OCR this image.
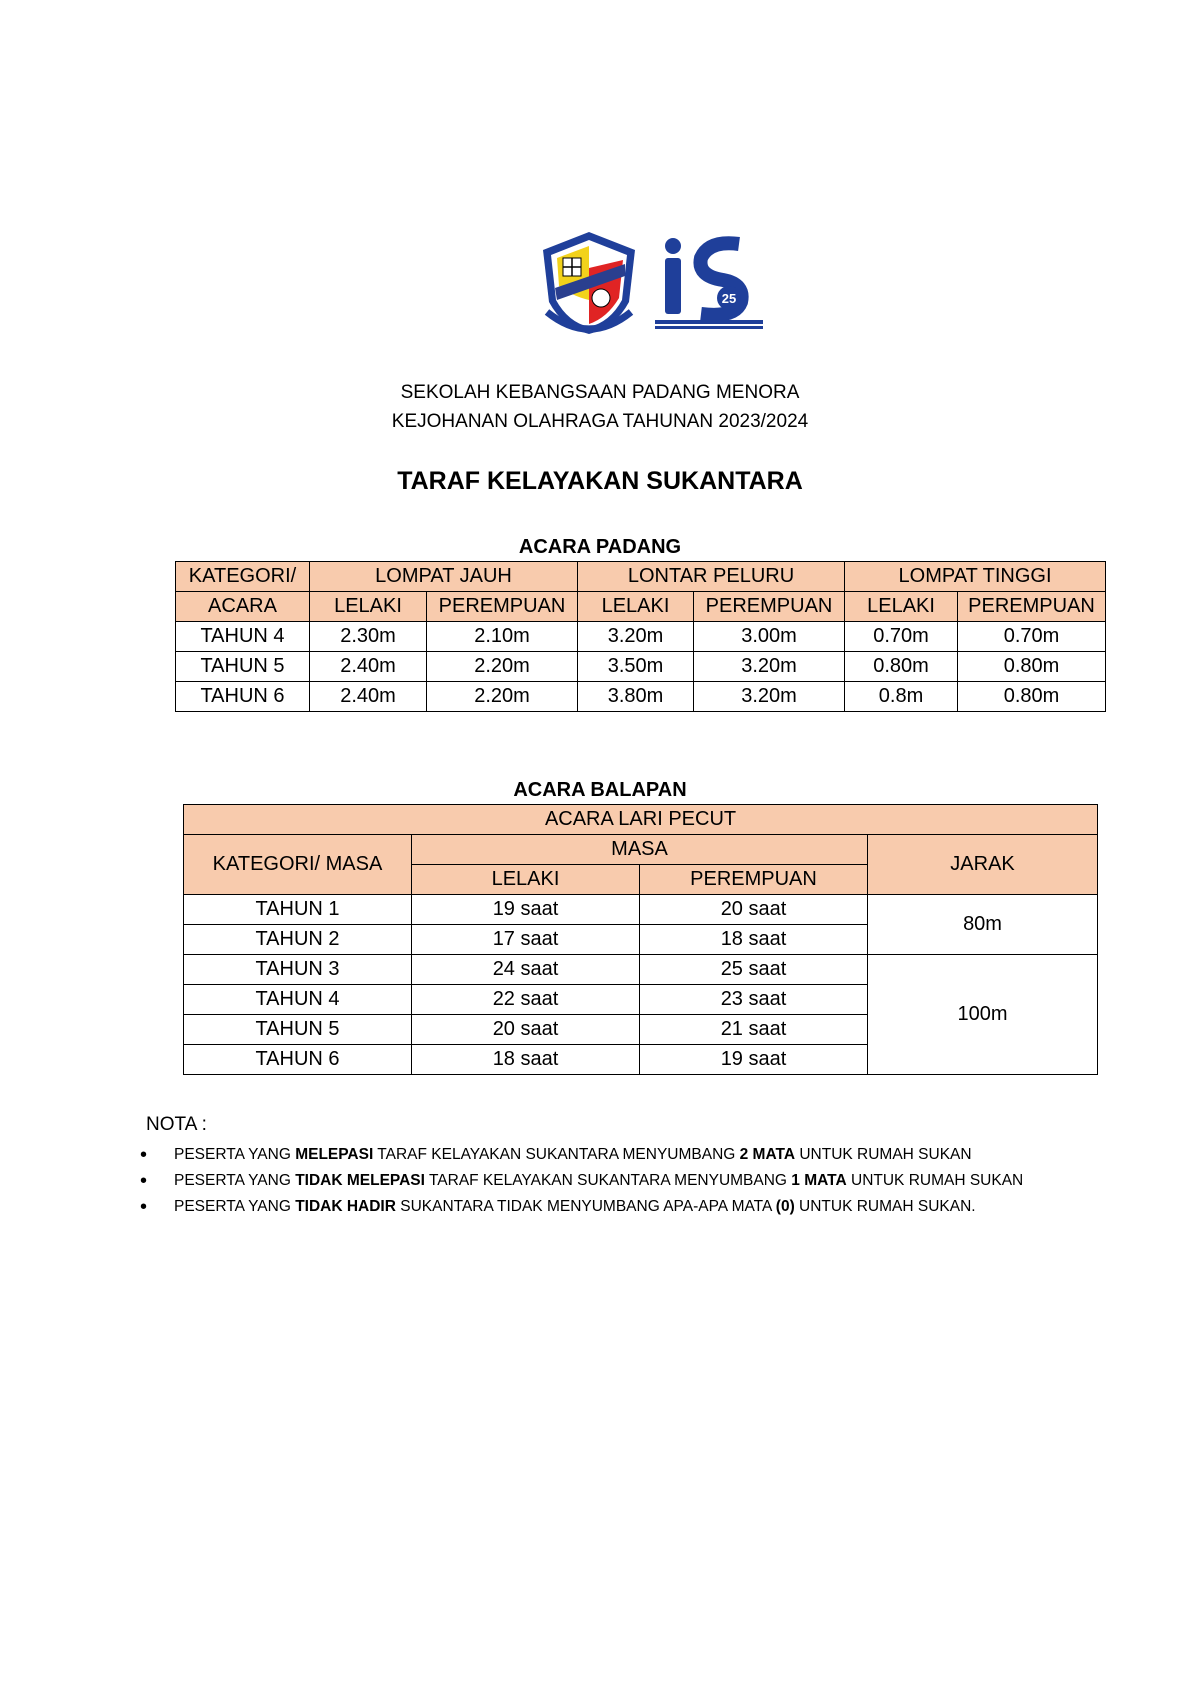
25
SEKOLAH KEBANGSAAN PADANG MENORA
KEJOHANAN OLAHRAGA TAHUNAN 2023/2024
TARAF KELAYAKAN SUKANTARA
ACARA PADANG
KATEGORI/	LOMPAT JAUH		LONTAR PELURU		LOMPAT TINGGI	
ACARA	LELAKI	PEREMPUAN	LELAKI	PEREMPUAN	LELAKI	PEREMPUAN
TAHUN 4	2.30m	2.10m	3.20m	3.00m	0.70m	0.70m
TAHUN 5	2.40m	2.20m	3.50m	3.20m	0.80m	0.80m
TAHUN 6	2.40m	2.20m	3.80m	3.20m	0.8m	0.80m
ACARA BALAPAN
ACARA LARI PECUT			
KATEGORI/ MASA	MASA		JARAK
	LELAKI	PEREMPUAN	
TAHUN 1	19 saat	20 saat	80m
TAHUN 2	17 saat	18 saat	
TAHUN 3	24 saat	25 saat	100m
TAHUN 4	22 saat	23 saat	
TAHUN 5	20 saat	21 saat	
TAHUN 6	18 saat	19 saat	
NOTA :
• PESERTA YANG MELEPASI TARAF KELAYAKAN SUKANTARA MENYUMBANG 2 MATA UNTUK RUMAH SUKAN
• PESERTA YANG TIDAK MELEPASI TARAF KELAYAKAN SUKANTARA MENYUMBANG 1 MATA UNTUK RUMAH SUKAN
• PESERTA YANG TIDAK HADIR SUKANTARA TIDAK MENYUMBANG APA-APA MATA (0) UNTUK RUMAH SUKAN.
